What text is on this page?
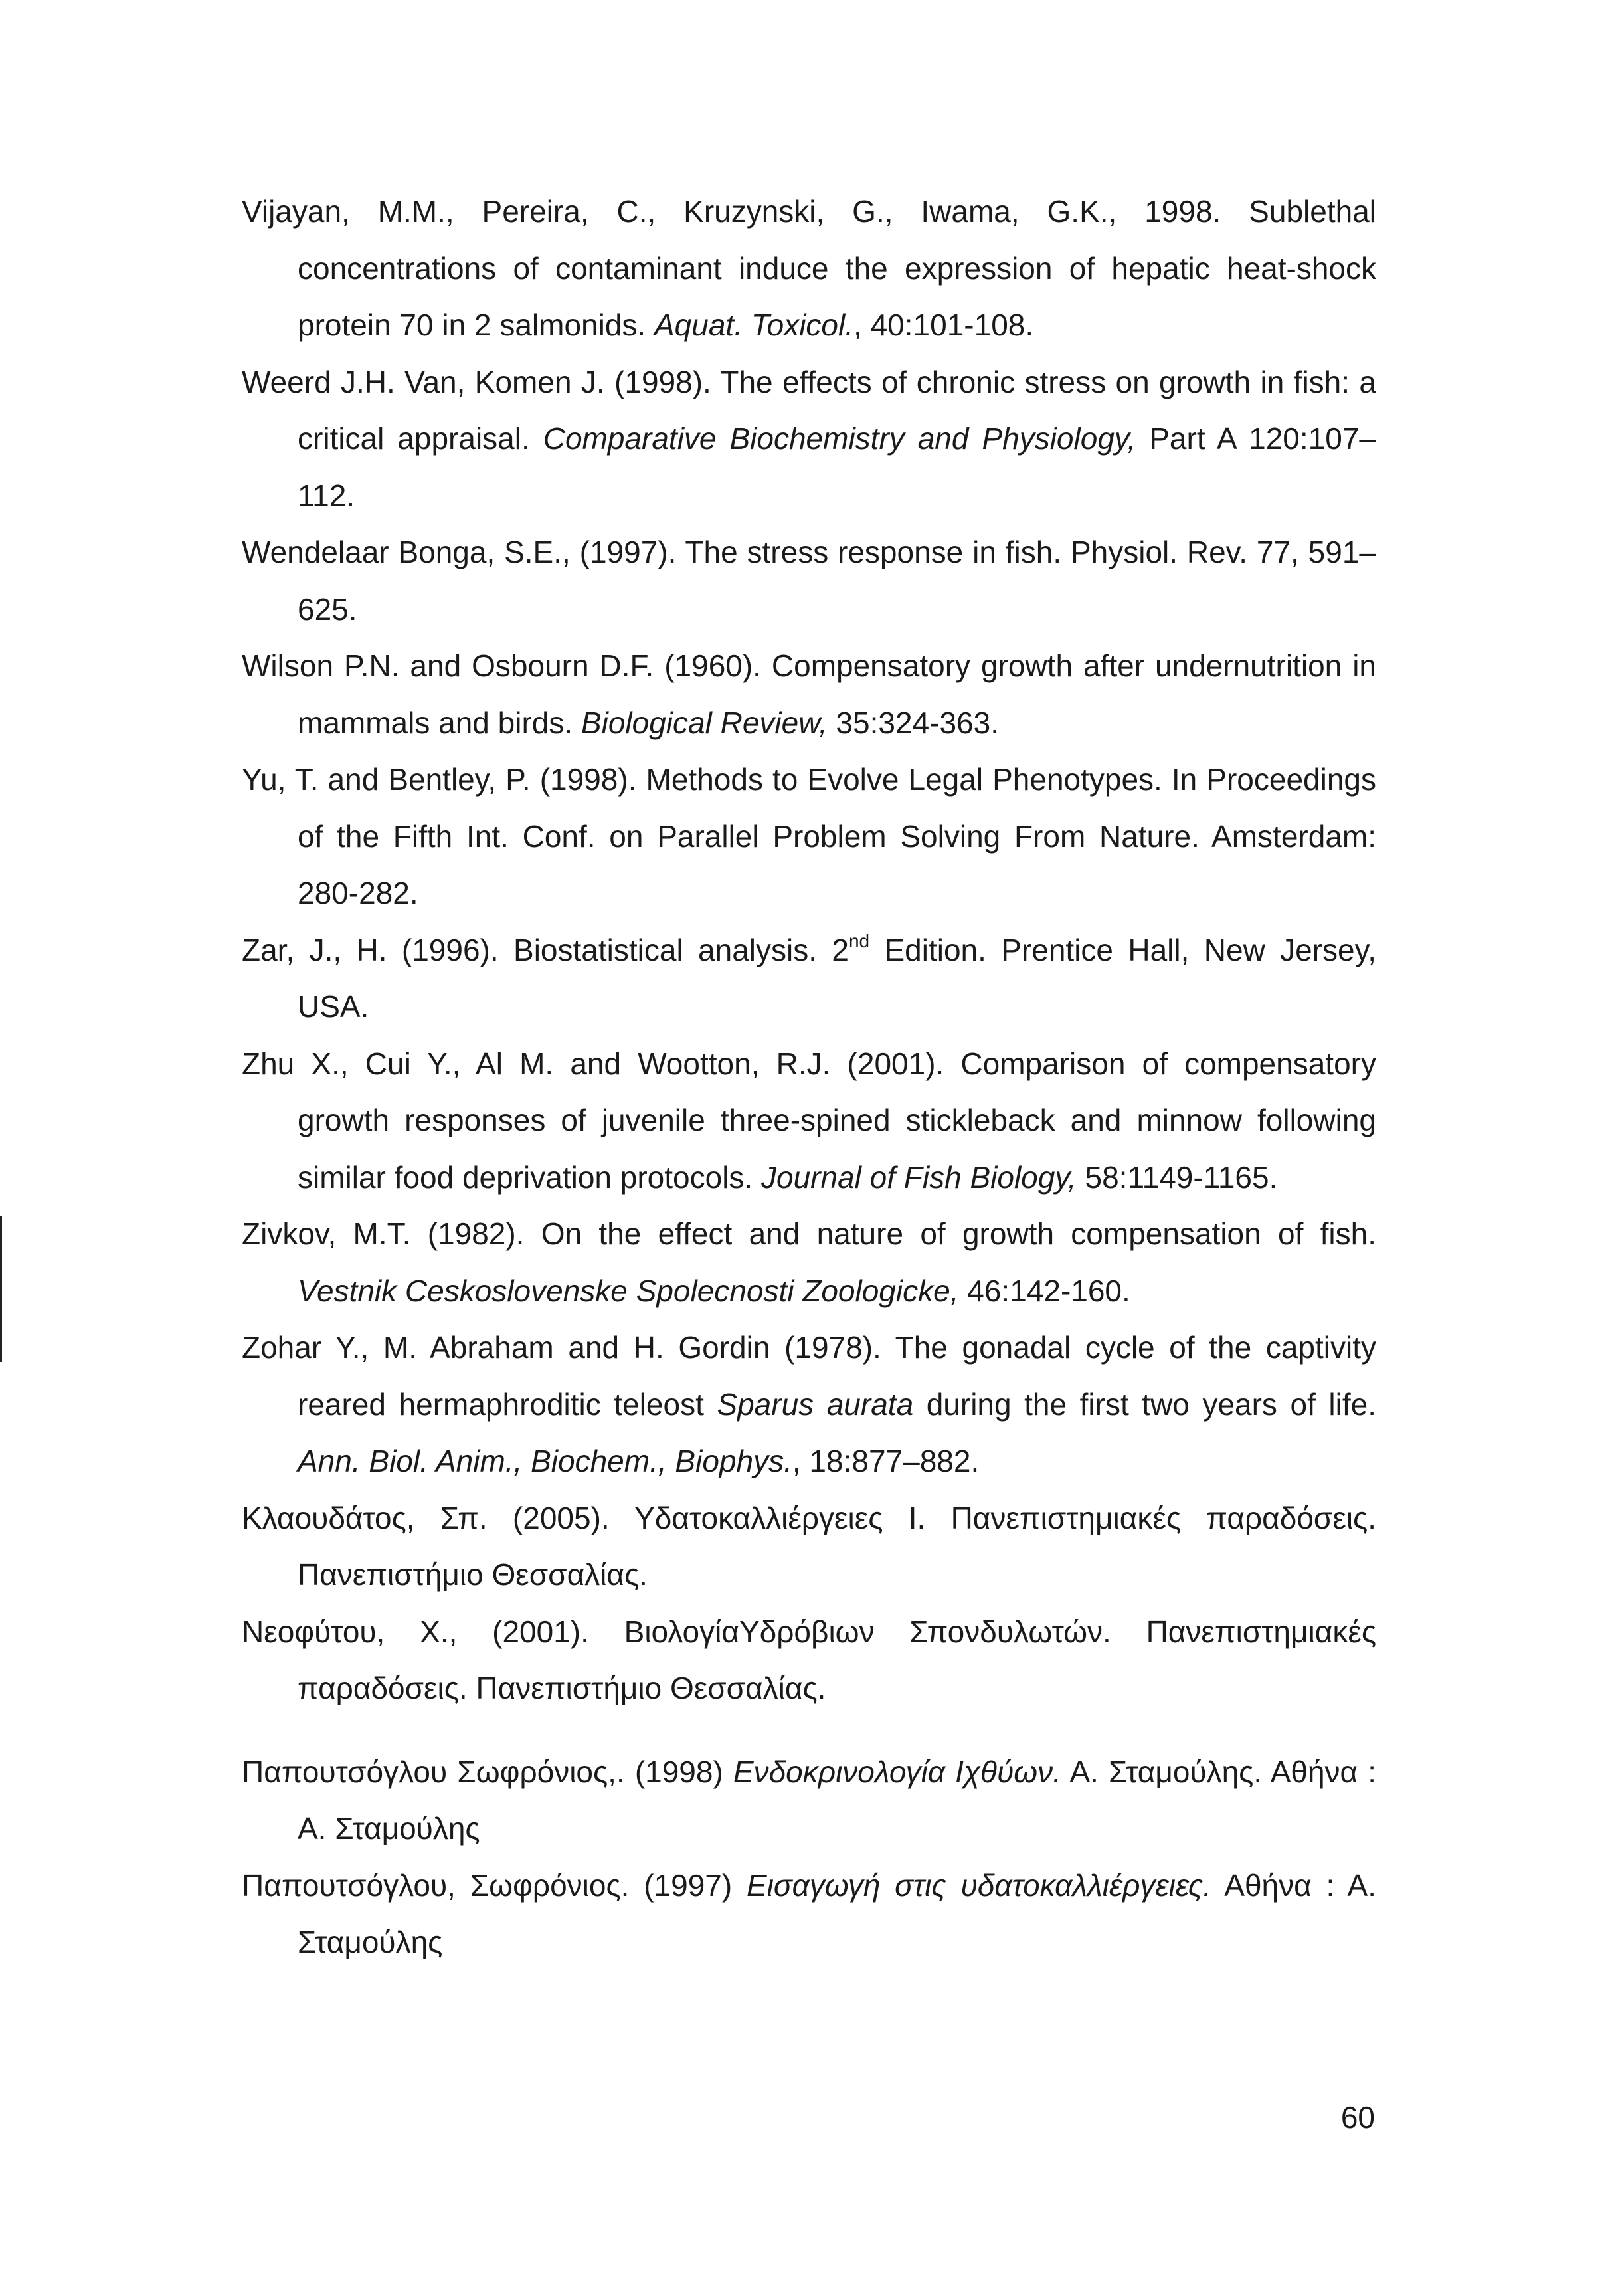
Vijayan, M.M., Pereira, C., Kruzynski, G., Iwama, G.K., 1998. Sublethal concentrations of contaminant induce the expression of hepatic heat-shock protein 70 in 2 salmonids. Aquat. Toxicol., 40:101-108.

Weerd J.H. Van, Komen J. (1998). The effects of chronic stress on growth in fish: a critical appraisal. Comparative Biochemistry and Physiology, Part A 120:107–112.

Wendelaar Bonga, S.E., (1997). The stress response in fish. Physiol. Rev. 77, 591–625.

Wilson P.N. and Osbourn D.F. (1960). Compensatory growth after undernutrition in mammals and birds. Biological Review, 35:324-363.

Yu, T. and Bentley, P. (1998). Methods to Evolve Legal Phenotypes. In Proceedings of the Fifth Int. Conf. on Parallel Problem Solving From Nature. Amsterdam: 280-282.

Zar, J., H. (1996). Biostatistical analysis. 2nd Edition. Prentice Hall, New Jersey, USA.

Zhu X., Cui Y., Al M. and Wootton, R.J. (2001). Comparison of compensatory growth responses of juvenile three-spined stickleback and minnow following similar food deprivation protocols. Journal of Fish Biology, 58:1149-1165.

Zivkov, M.T. (1982). On the effect and nature of growth compensation of fish. Vestnik Ceskoslovenske Spolecnosti Zoologicke, 46:142-160.

Zohar Y., M. Abraham and H. Gordin (1978). The gonadal cycle of the captivity reared hermaphroditic teleost Sparus aurata during the first two years of life. Ann. Biol. Anim., Biochem., Biophys., 18:877–882.

Κλαουδάτος, Σπ. (2005). Υδατοκαλλιέργειες Ι. Πανεπιστημιακές παραδόσεις. Πανεπιστήμιο Θεσσαλίας.

Νεοφύτου, Χ., (2001). ΒιολογίαΥδρόβιων Σπονδυλωτών. Πανεπιστημιακές παραδόσεις. Πανεπιστήμιο Θεσσαλίας.

Παπουτσόγλου Σωφρόνιος,. (1998) Ενδοκρινολογία Ιχθύων. Α. Σταμούλης. Αθήνα : Α. Σταμούλης

Παπουτσόγλου, Σωφρόνιος. (1997) Εισαγωγή στις υδατοκαλλιέργειες. Αθήνα : Α. Σταμούλης

60
